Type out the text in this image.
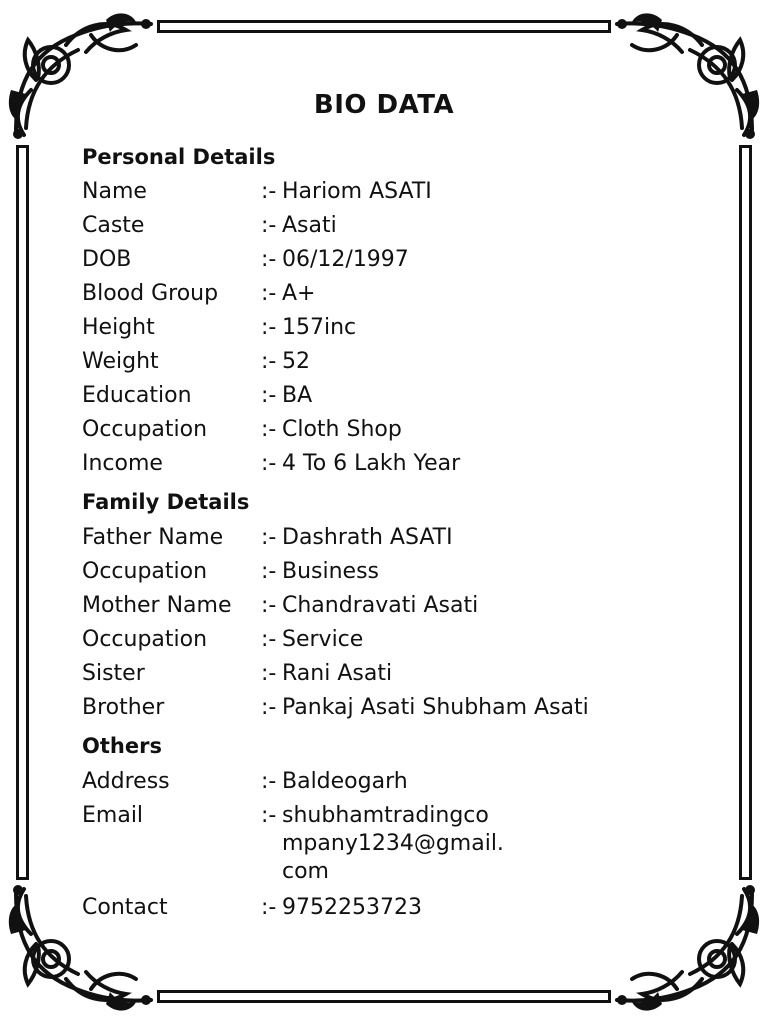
BIO DATA
Personal Details
Name	:- Hariom ASATI
Caste	:- Asati
DOB	:- 06/12/1997
Blood Group :- A+
Height	:- 157inc
Weight	:- 52
Education	:- BA
Occupation :- Cloth Shop
Income	:- 4 To 6 Lakh Year
Family Details
Father Name :- Dashrath ASATI
Occupation :- Business
Mother Name :- Chandravati Asati
Occupation :- Service
Sister	:- Rani Asati
Brother	:- Pankaj Asati Shubham Asati
Others
Address	:- Baldeogarh
Email	:- shubhamtradingcompany1234@gmail.com
Contact	:- 9752253723
